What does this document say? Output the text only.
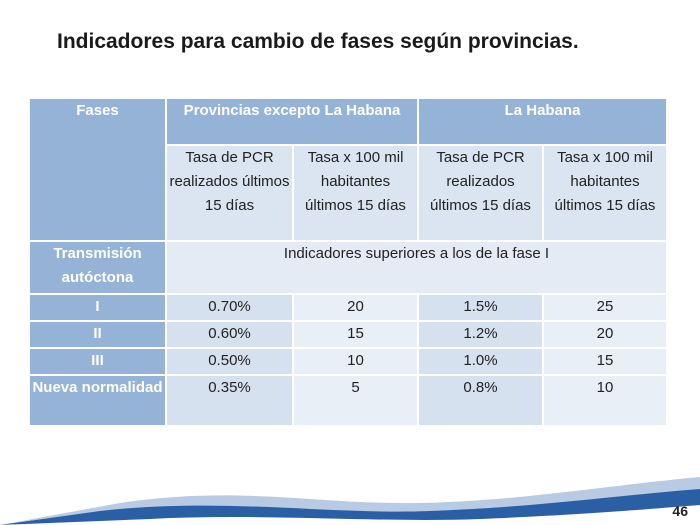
Indicadores para cambio de fases según provincias.
Fases	Provincias excepto La Habana		La Habana	
	Tasa de PCR realizados últimos 15 días	Tasa x 100 mil habitantes últimos 15 días	Tasa de PCR realizados últimos 15 días	Tasa x 100 mil habitantes últimos 15 días
Transmisión autóctona	Indicadores superiores a los de la fase I			
I	0.70%	20	1.5%	25
II	0.60%	15	1.2%	20
III	0.50%	10	1.0%	15
Nueva normalidad	0.35%	5	0.8%	10
46
